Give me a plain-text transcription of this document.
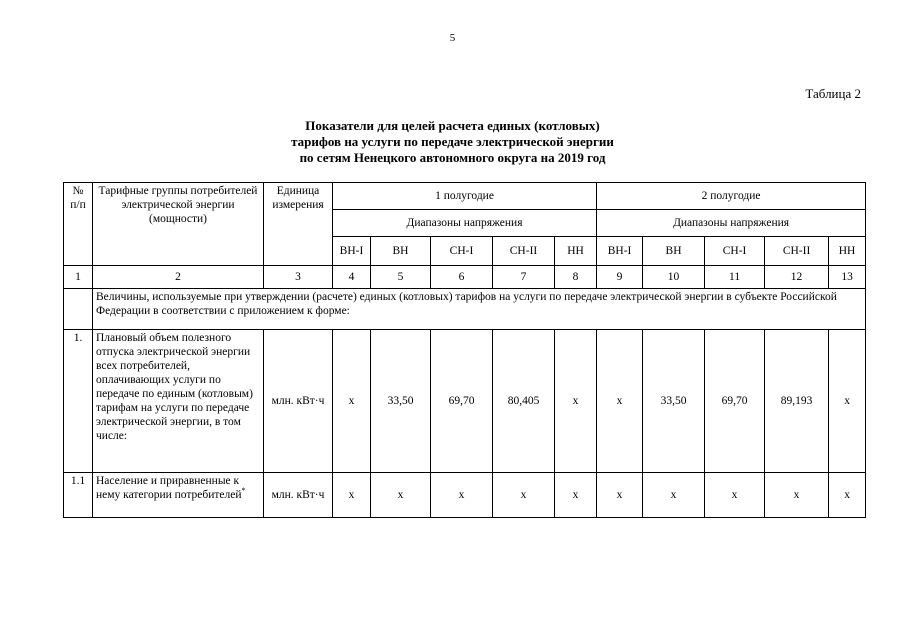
5
Таблица 2
Показатели для целей расчета единых (котловых)
тарифов на услуги по передаче электрической энергии
по сетям Ненецкого автономного округа на 2019 год
№ п/п	Тарифные группы потребителей электрической энергии (мощности)	Единица измерения	1 полугодие					2 полугодие				
			Диапазоны напряжения					Диапазоны напряжения				
			ВН-I	ВН	СН-I	СН-II	НН	ВН-I	ВН	СН-I	СН-II	НН
1	2	3	4	5	6	7	8	9	10	11	12	13
	Величины, используемые при утверждении (расчете) единых (котловых) тарифов на услуги по передаче электрической энергии в субъекте Российской Федерации в соответствии с приложением к форме:											
1.	Плановый объем полезного отпуска электрической энергии всех потребителей, оплачивающих услуги по передаче по единым (котловым) тарифам на услуги по передаче электрической энергии, в том числе:	млн. кВт·ч	х	33,50	69,70	80,405	х	х	33,50	69,70	89,193	х
1.1	Население и приравненные к нему категории потребителей*	млн. кВт·ч	х	х	х	х	х	х	х	х	х	х
